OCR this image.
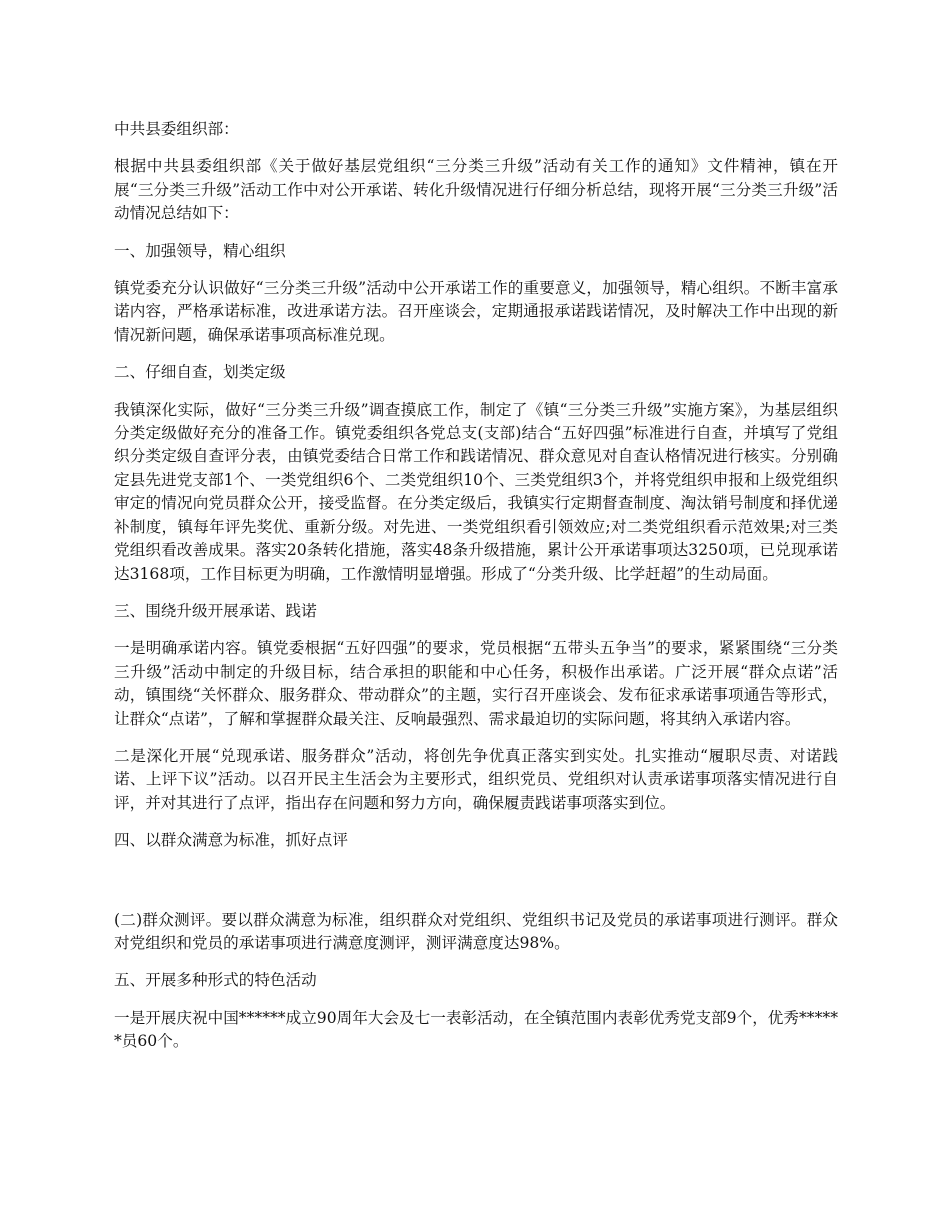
中共县委组织部：

根据中共县委组织部《关于做好基层党组织“三分类三升级”活动有关工作的通知》文件精神，镇在开展“三分类三升级”活动工作中对公开承诺、转化升级情况进行仔细分析总结，现将开展“三分类三升级”活动情况总结如下：

一、加强领导，精心组织

镇党委充分认识做好“三分类三升级”活动中公开承诺工作的重要意义，加强领导，精心组织。不断丰富承诺内容，严格承诺标准，改进承诺方法。召开座谈会，定期通报承诺践诺情况，及时解决工作中出现的新情况新问题，确保承诺事项高标准兑现。

二、仔细自查，划类定级

我镇深化实际，做好“三分类三升级”调查摸底工作，制定了《镇“三分类三升级”实施方案》，为基层组织分类定级做好充分的准备工作。镇党委组织各党总支(支部)结合“五好四强”标准进行自查，并填写了党组织分类定级自查评分表，由镇党委结合日常工作和践诺情况、群众意见对自查认格情况进行核实。分别确定县先进党支部1个、一类党组织6个、二类党组织10个、三类党组织3个，并将党组织申报和上级党组织审定的情况向党员群众公开，接受监督。在分类定级后，我镇实行定期督查制度、淘汰销号制度和择优递补制度，镇每年评先奖优、重新分级。对先进、一类党组织看引领效应;对二类党组织看示范效果;对三类党组织看改善成果。落实20条转化措施，落实48条升级措施，累计公开承诺事项达3250项，已兑现承诺达3168项，工作目标更为明确，工作激情明显增强。形成了“分类升级、比学赶超”的生动局面。

三、围绕升级开展承诺、践诺

一是明确承诺内容。镇党委根据“五好四强”的要求，党员根据“五带头五争当”的要求，紧紧围绕“三分类三升级”活动中制定的升级目标，结合承担的职能和中心任务，积极作出承诺。广泛开展“群众点诺”活动，镇围绕“关怀群众、服务群众、带动群众”的主题，实行召开座谈会、发布征求承诺事项通告等形式，让群众“点诺”，了解和掌握群众最关注、反响最强烈、需求最迫切的实际问题，将其纳入承诺内容。

二是深化开展“兑现承诺、服务群众”活动，将创先争优真正落实到实处。扎实推动“履职尽责、对诺践诺、上评下议”活动。以召开民主生活会为主要形式，组织党员、党组织对认责承诺事项落实情况进行自评，并对其进行了点评，指出存在问题和努力方向，确保履责践诺事项落实到位。

四、以群众满意为标准，抓好点评

(二)群众测评。要以群众满意为标准，组织群众对党组织、党组织书记及党员的承诺事项进行测评。群众对党组织和党员的承诺事项进行满意度测评，测评满意度达98%。

五、开展多种形式的特色活动

一是开展庆祝中国******成立90周年大会及七一表彰活动，在全镇范围内表彰优秀党支部9个，优秀******员60个。
